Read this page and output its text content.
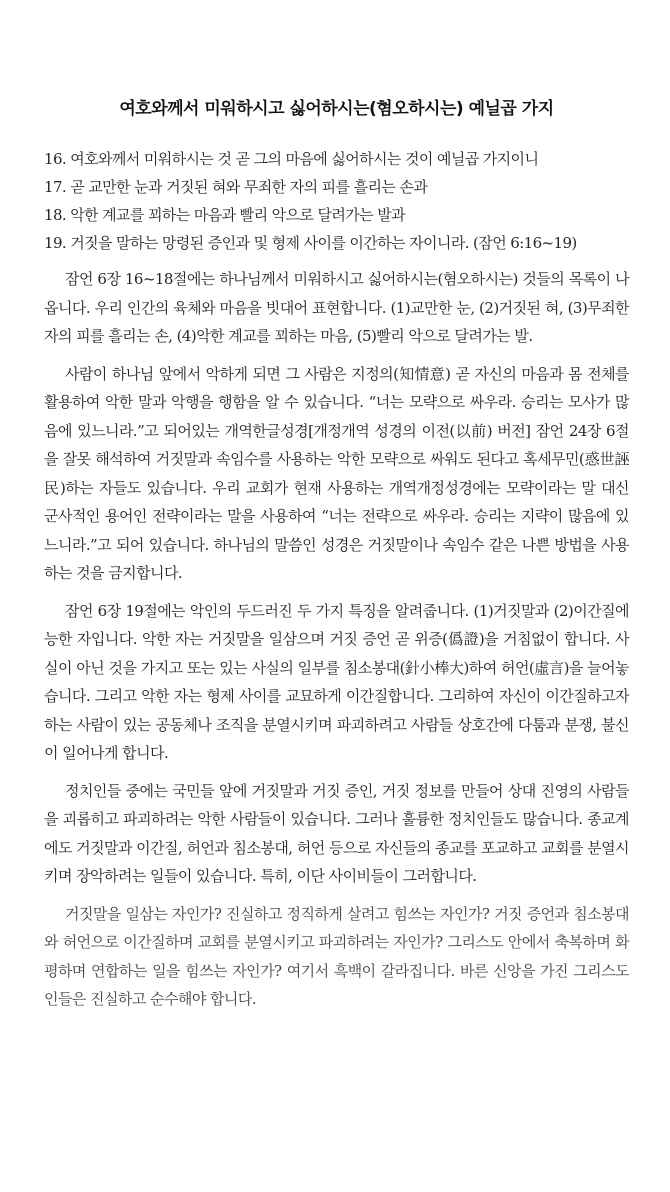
여호와께서 미워하시고 싫어하시는(혐오하시는) 예닐곱 가지
16. 여호와께서 미워하시는 것 곧 그의 마음에 싫어하시는 것이 예닐곱 가지이니
17. 곧 교만한 눈과 거짓된 혀와 무죄한 자의 피를 흘리는 손과
18. 악한 계교를 꾀하는 마음과 빨리 악으로 달려가는 발과
19. 거짓을 말하는 망령된 증인과 및 형제 사이를 이간하는 자이니라. (잠언 6:16~19)

잠언 6장 16~18절에는 하나님께서 미워하시고 싫어하시는(혐오하시는) 것들의 목록이 나옵니다. 우리 인간의 육체와 마음을 빗대어 표현합니다. (1)교만한 눈, (2)거짓된 혀, (3)무죄한 자의 피를 흘리는 손, (4)악한 계교를 꾀하는 마음, (5)빨리 악으로 달려가는 발.

사람이 하나님 앞에서 악하게 되면 그 사람은 지정의(知情意) 곧 자신의 마음과 몸 전체를 활용하여 악한 말과 악행을 행함을 알 수 있습니다. “너는 모략으로 싸우라. 승리는 모사가 많음에 있느니라.”고 되어있는 개역한글성경[개정개역 성경의 이전(以前) 버전] 잠언 24장 6절을 잘못 해석하여 거짓말과 속임수를 사용하는 악한 모략으로 싸워도 된다고 혹세무민(惑世誣民)하는 자들도 있습니다. 우리 교회가 현재 사용하는 개역개정성경에는 모략이라는 말 대신 군사적인 용어인 전략이라는 말을 사용하여 “너는 전략으로 싸우라. 승리는 지략이 많음에 있느니라.”고 되어 있습니다. 하나님의 말씀인 성경은 거짓말이나 속임수 같은 나쁜 방법을 사용하는 것을 금지합니다.

잠언 6장 19절에는 악인의 두드러진 두 가지 특징을 알려줍니다. (1)거짓말과 (2)이간질에 능한 자입니다. 악한 자는 거짓말을 일삼으며 거짓 증언 곧 위증(僞證)을 거침없이 합니다. 사실이 아닌 것을 가지고 또는 있는 사실의 일부를 침소봉대(針小棒大)하여 허언(虛言)을 늘어놓습니다. 그리고 악한 자는 형제 사이를 교묘하게 이간질합니다. 그리하여 자신이 이간질하고자 하는 사람이 있는 공동체나 조직을 분열시키며 파괴하려고 사람들 상호간에 다툼과 분쟁, 불신이 일어나게 합니다.

정치인들 중에는 국민들 앞에 거짓말과 거짓 증인, 거짓 정보를 만들어 상대 진영의 사람들을 괴롭히고 파괴하려는 악한 사람들이 있습니다. 그러나 훌륭한 정치인들도 많습니다. 종교계에도 거짓말과 이간질, 허언과 침소봉대, 허언 등으로 자신들의 종교를 포교하고 교회를 분열시키며 장악하려는 일들이 있습니다. 특히, 이단 사이비들이 그러합니다.

거짓말을 일삼는 자인가? 진실하고 정직하게 살려고 힘쓰는 자인가? 거짓 증언과 침소봉대와 허언으로 이간질하며 교회를 분열시키고 파괴하려는 자인가? 그리스도 안에서 축복하며 화평하며 연합하는 일을 힘쓰는 자인가? 여기서 흑백이 갈라집니다. 바른 신앙을 가진 그리스도인들은 진실하고 순수해야 합니다.
